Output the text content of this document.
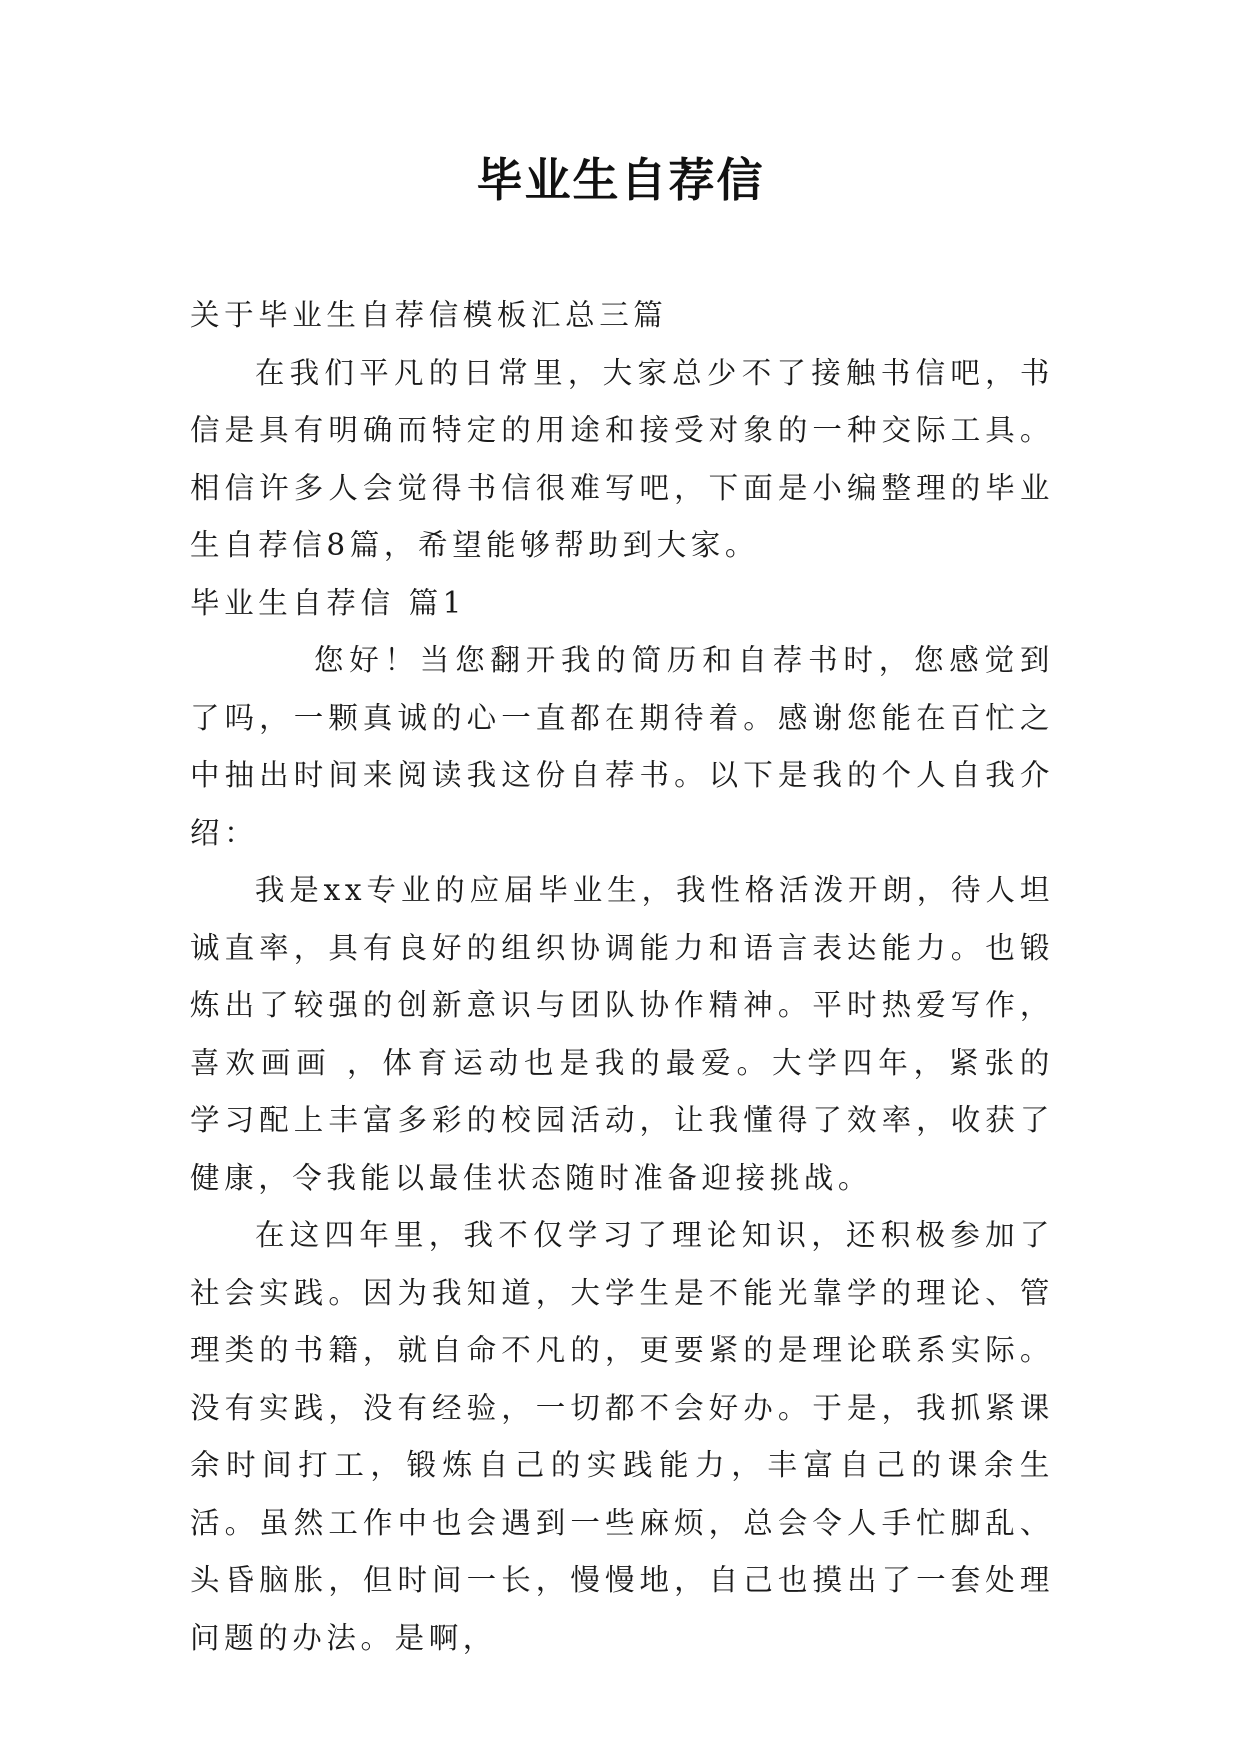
毕业生自荐信

关于毕业生自荐信模板汇总三篇

在我们平凡的日常里，大家总少不了接触书信吧，书信是具有明确而特定的用途和接受对象的一种交际工具。相信许多人会觉得书信很难写吧，下面是小编整理的毕业生自荐信8篇，希望能够帮助到大家。

毕业生自荐信 篇1

您好！当您翻开我的简历和自荐书时，您感觉到了吗，一颗真诚的心一直都在期待着。感谢您能在百忙之中抽出时间来阅读我这份自荐书。以下是我的个人自我介绍：

我是xx专业的应届毕业生，我性格活泼开朗，待人坦诚直率，具有良好的组织协调能力和语言表达能力。也锻炼出了较强的创新意识与团队协作精神。平时热爱写作，喜欢画画 ，体育运动也是我的最爱。大学四年，紧张的学习配上丰富多彩的校园活动，让我懂得了效率，收获了健康，令我能以最佳状态随时准备迎接挑战。

在这四年里，我不仅学习了理论知识，还积极参加了社会实践。因为我知道，大学生是不能光靠学的理论、管理类的书籍，就自命不凡的，更要紧的是理论联系实际。没有实践，没有经验，一切都不会好办。于是，我抓紧课余时间打工，锻炼自己的实践能力，丰富自己的课余生活。虽然工作中也会遇到一些麻烦，总会令人手忙脚乱、头昏脑胀，但时间一长，慢慢地，自己也摸出了一套处理问题的办法。是啊，
